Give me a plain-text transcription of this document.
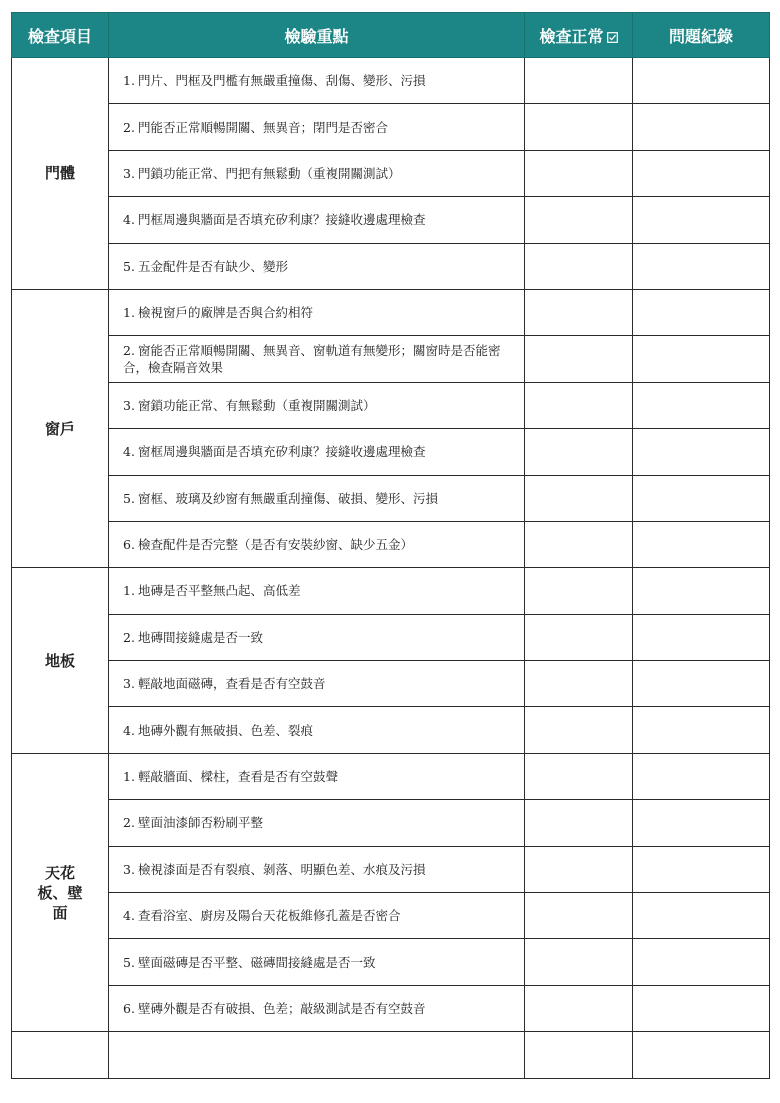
檢查項目	檢驗重點	檢查正常	問題紀錄
門體	1. 門片、門框及門檻有無嚴重撞傷、刮傷、變形、污損		
	2. 門能否正常順暢開關、無異音；閉門是否密合		
	3. 門鎖功能正常、門把有無鬆動（重複開關測試）		
	4. 門框周邊與牆面是否填充矽利康？接縫收邊處理檢查		
	5. 五金配件是否有缺少、變形		
窗戶	1. 檢視窗戶的廠牌是否與合約相符		
	2. 窗能否正常順暢開關、無異音、窗軌道有無變形；關窗時是否能密合，檢查隔音效果		
	3. 窗鎖功能正常、有無鬆動（重複開關測試）		
	4. 窗框周邊與牆面是否填充矽利康？接縫收邊處理檢查		
	5. 窗框、玻璃及紗窗有無嚴重刮撞傷、破損、變形、污損		
	6. 檢查配件是否完整（是否有安裝紗窗、缺少五金）		
地板	1. 地磚是否平整無凸起、高低差		
	2. 地磚間接縫處是否一致		
	3. 輕敲地面磁磚，查看是否有空鼓音		
	4. 地磚外觀有無破損、色差、裂痕		
天花板、壁面	1. 輕敲牆面、樑柱，查看是否有空鼓聲		
	2. 壁面油漆師否粉刷平整		
	3. 檢視漆面是否有裂痕、剝落、明顯色差、水痕及污損		
	4. 查看浴室、廚房及陽台天花板維修孔蓋是否密合		
	5. 壁面磁磚是否平整、磁磚間接縫處是否一致		
	6. 壁磚外觀是否有破損、色差；敲級測試是否有空鼓音		
